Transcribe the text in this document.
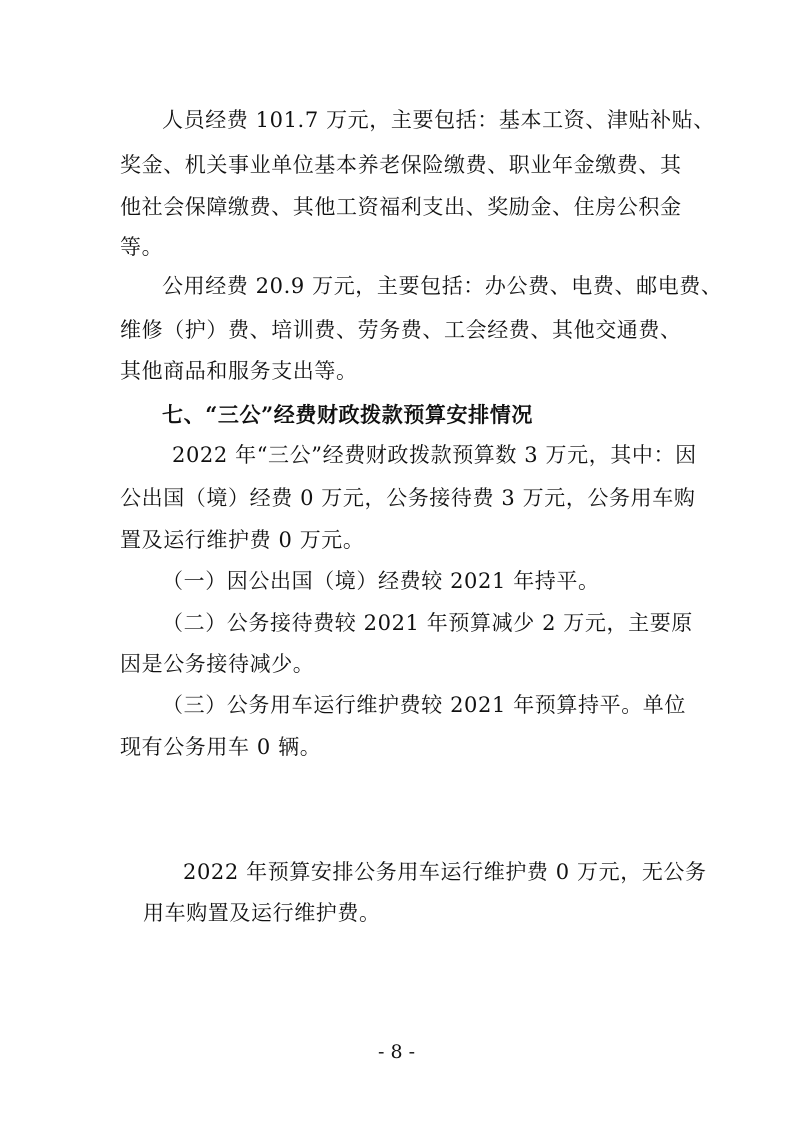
人员经费 101.7 万元，主要包括：基本工资、津贴补贴、
奖金、机关事业单位基本养老保险缴费、职业年金缴费、其
他社会保障缴费、其他工资福利支出、奖励金、住房公积金
等。
公用经费 20.9 万元，主要包括：办公费、电费、邮电费、
维修（护）费、培训费、劳务费、工会经费、其他交通费、
其他商品和服务支出等。
七、“三公”经费财政拨款预算安排情况
2022 年“三公”经费财政拨款预算数 3 万元，其中：因
公出国（境）经费 0 万元，公务接待费 3 万元，公务用车购
置及运行维护费 0 万元。
（一）因公出国（境）经费较 2021 年持平。
（二）公务接待费较 2021 年预算减少 2 万元，主要原
因是公务接待减少。
（三）公务用车运行维护费较 2021 年预算持平。单位
现有公务用车 0 辆。
2022 年预算安排公务用车运行维护费 0 万元，无公务
用车购置及运行维护费。
- 8 -
